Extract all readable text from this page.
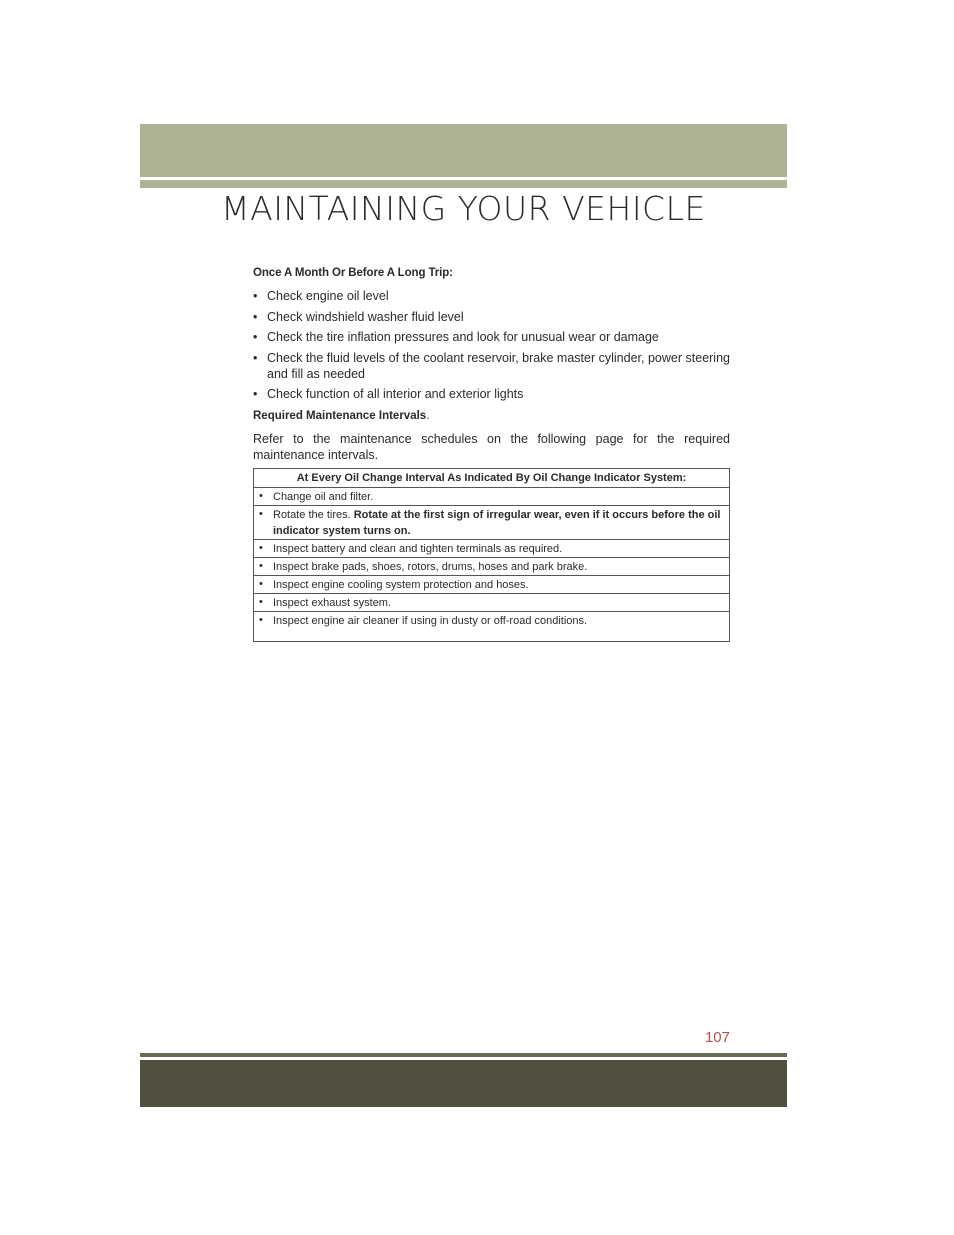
MAINTAINING YOUR VEHICLE
Once A Month Or Before A Long Trip:
• Check engine oil level
• Check windshield washer fluid level
• Check the tire inflation pressures and look for unusual wear or damage
• Check the fluid levels of the coolant reservoir, brake master cylinder, power steering and fill as needed
• Check function of all interior and exterior lights
Required Maintenance Intervals.
Refer to the maintenance schedules on the following page for the required maintenance intervals.
At Every Oil Change Interval As Indicated By Oil Change Indicator System:

• Change oil and filter.

• Rotate the tires. Rotate at the first sign of irregular wear, even if it occurs before the oil indicator system turns on.

• Inspect battery and clean and tighten terminals as required.

• Inspect brake pads, shoes, rotors, drums, hoses and park brake.

• Inspect engine cooling system protection and hoses.

• Inspect exhaust system.

• Inspect engine air cleaner if using in dusty or off-road conditions.
107
